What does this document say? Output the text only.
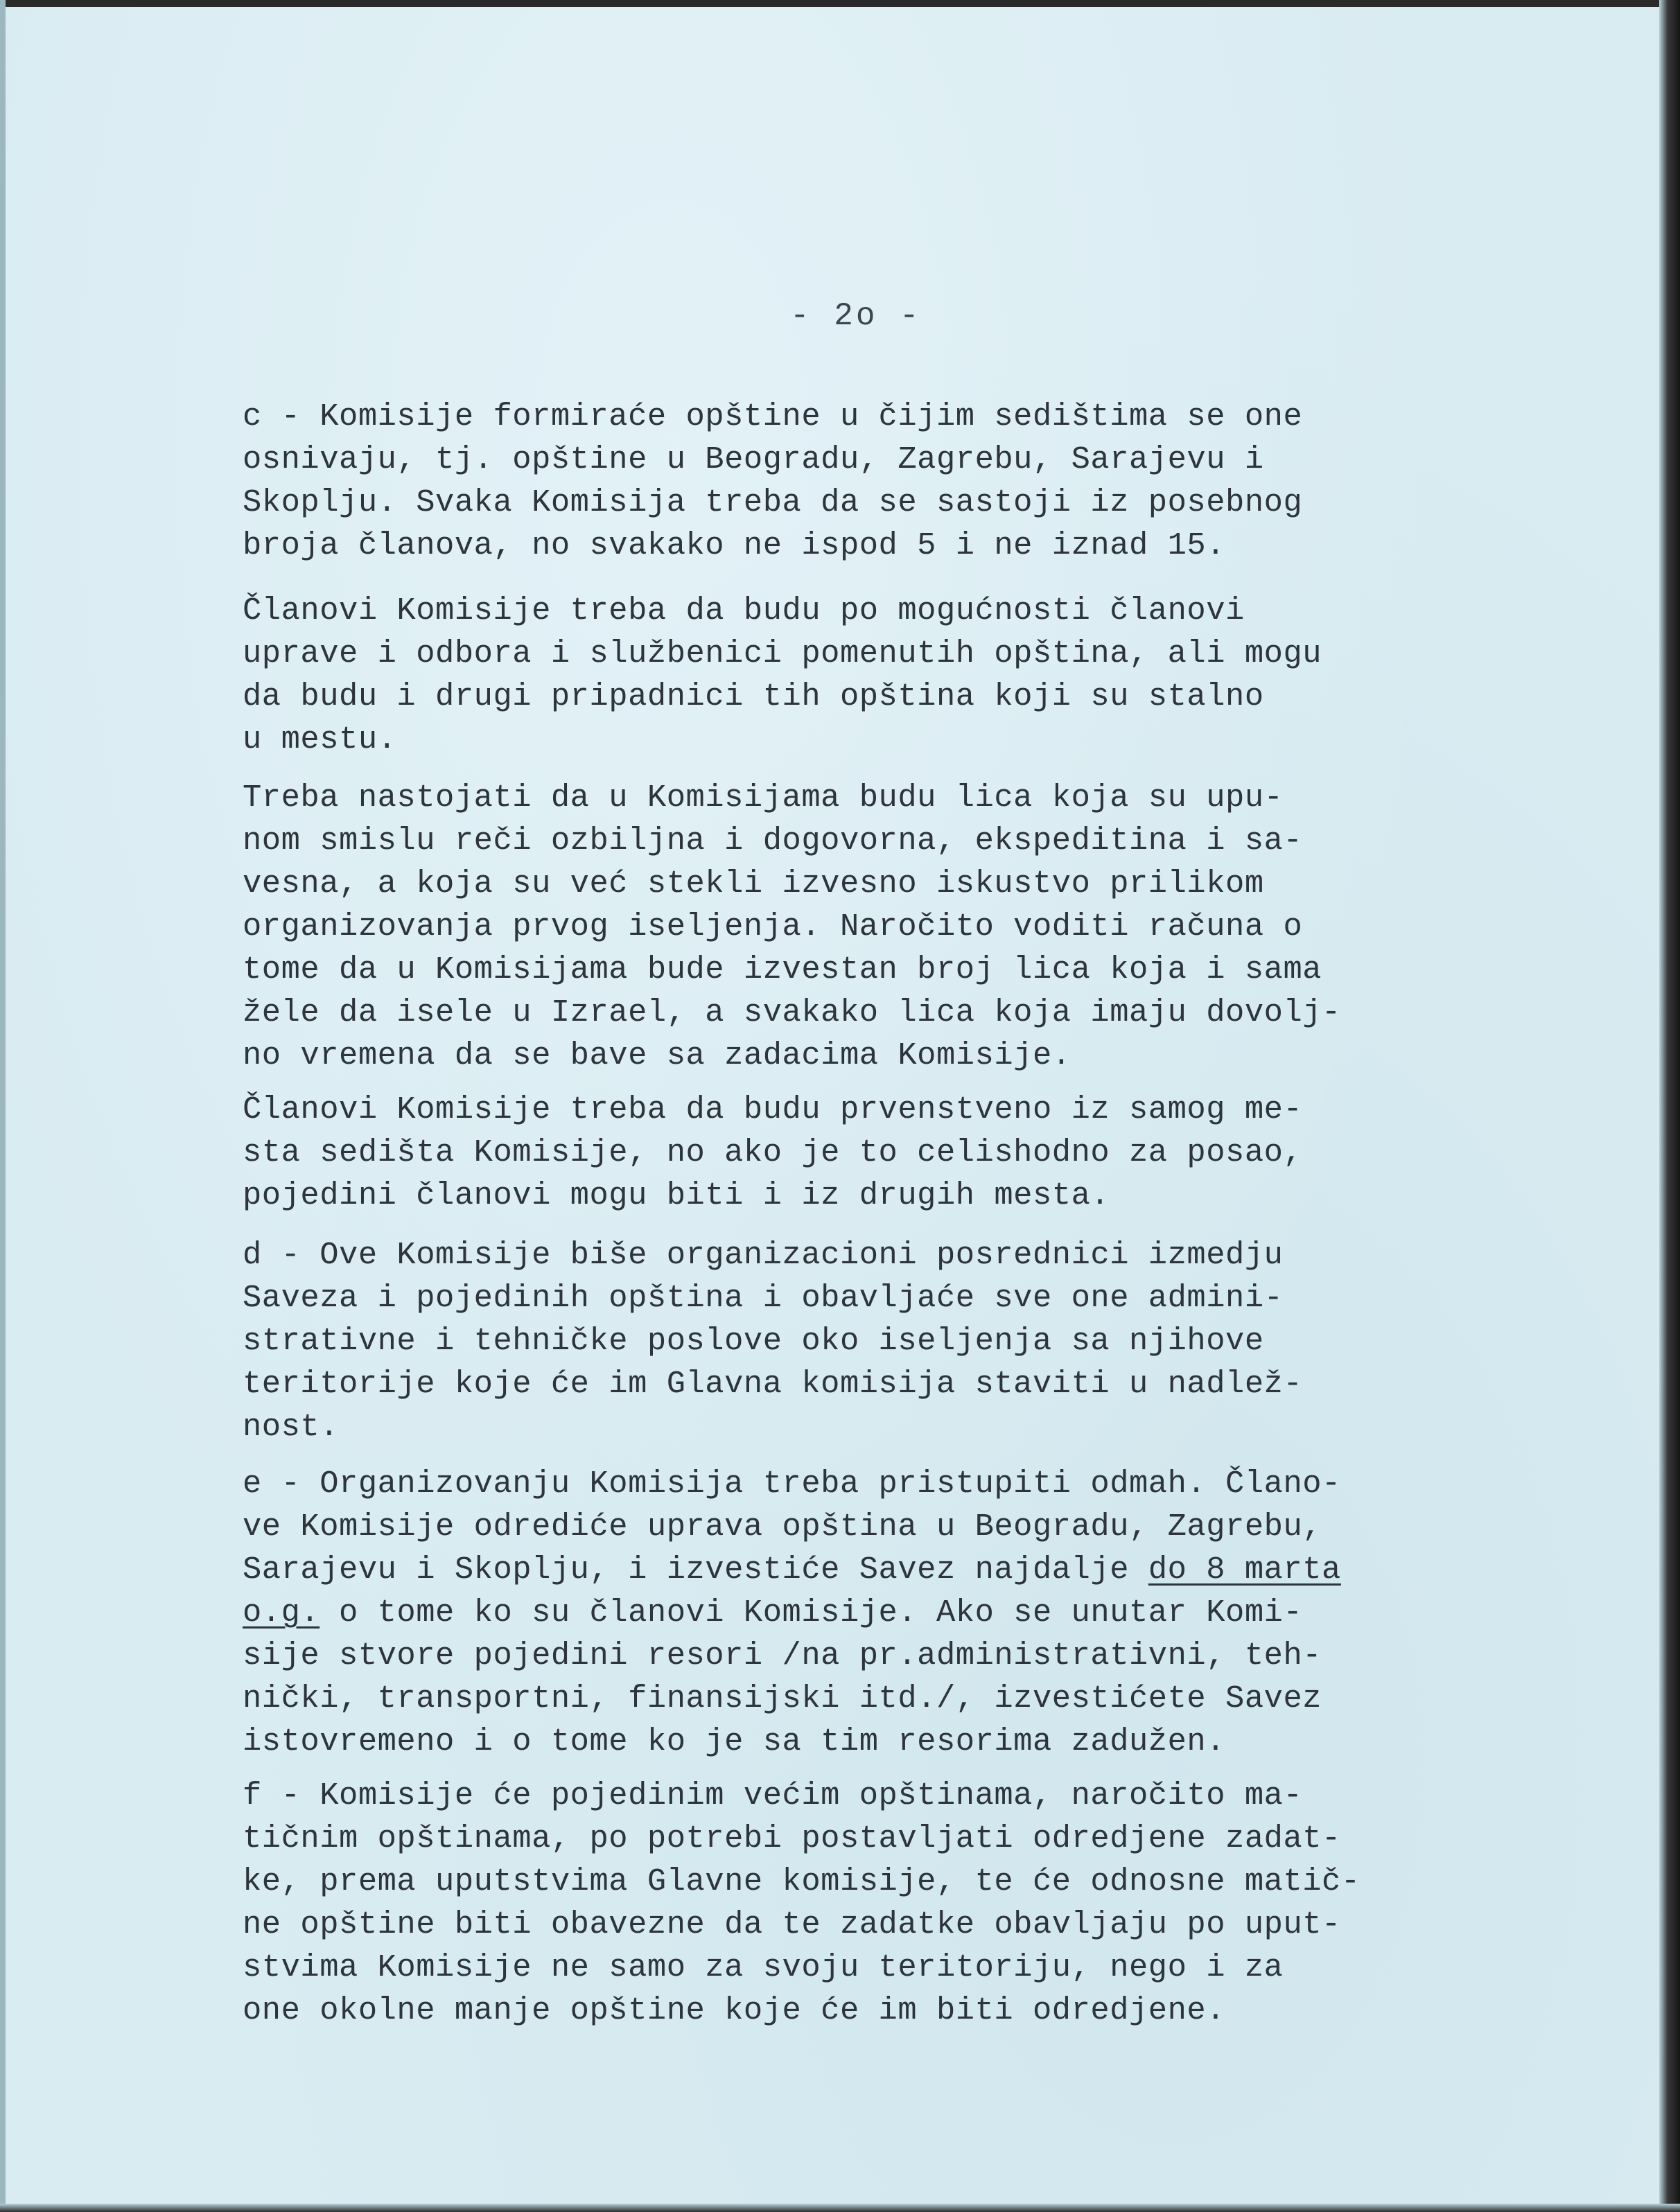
- 2o -
c - Komisije formiraće opštine u čijim sedištima se one
osnivaju, tj. opštine u Beogradu, Zagrebu, Sarajevu i
Skoplju. Svaka Komisija treba da se sastoji iz posebnog
broja članova, no svakako ne ispod 5 i ne iznad 15.
Članovi Komisije treba da budu po mogućnosti članovi
uprave i odbora i službenici pomenutih opština, ali mogu
da budu i drugi pripadnici tih opština koji su stalno
u mestu.
Treba nastojati da u Komisijama budu lica koja su upu-
nom smislu reči ozbiljna i dogovorna, ekspeditina i sa-
vesna, a koja su već stekli izvesno iskustvo prilikom
organizovanja prvog iseljenja. Naročito voditi računa o
tome da u Komisijama bude izvestan broj lica koja i sama
žele da isele u Izrael, a svakako lica koja imaju dovolj-
no vremena da se bave sa zadacima Komisije.
Članovi Komisije treba da budu prvenstveno iz samog me-
sta sedišta Komisije, no ako je to celishodno za posao,
pojedini članovi mogu biti i iz drugih mesta.
d - Ove Komisije biše organizacioni posrednici izmedju
Saveza i pojedinih opština i obavljaće sve one admini-
strativne i tehničke poslove oko iseljenja sa njihove
teritorije koje će im Glavna komisija staviti u nadlež-
nost.
e - Organizovanju Komisija treba pristupiti odmah. Člano-
ve Komisije odrediće uprava opština u Beogradu, Zagrebu,
Sarajevu i Skoplju, i izvestiće Savez najdalje do 8 marta
o.g. o tome ko su članovi Komisije. Ako se unutar Komi-
sije stvore pojedini resori /na pr.administrativni, teh-
nički, transportni, finansijski itd./, izvestićete Savez
istovremeno i o tome ko je sa tim resorima zadužen.
f - Komisije će pojedinim većim opštinama, naročito ma-
tičnim opštinama, po potrebi postavljati odredjene zadat-
ke, prema uputstvima Glavne komisije, te će odnosne matič-
ne opštine biti obavezne da te zadatke obavljaju po uput-
stvima Komisije ne samo za svoju teritoriju, nego i za
one okolne manje opštine koje će im biti odredjene.
